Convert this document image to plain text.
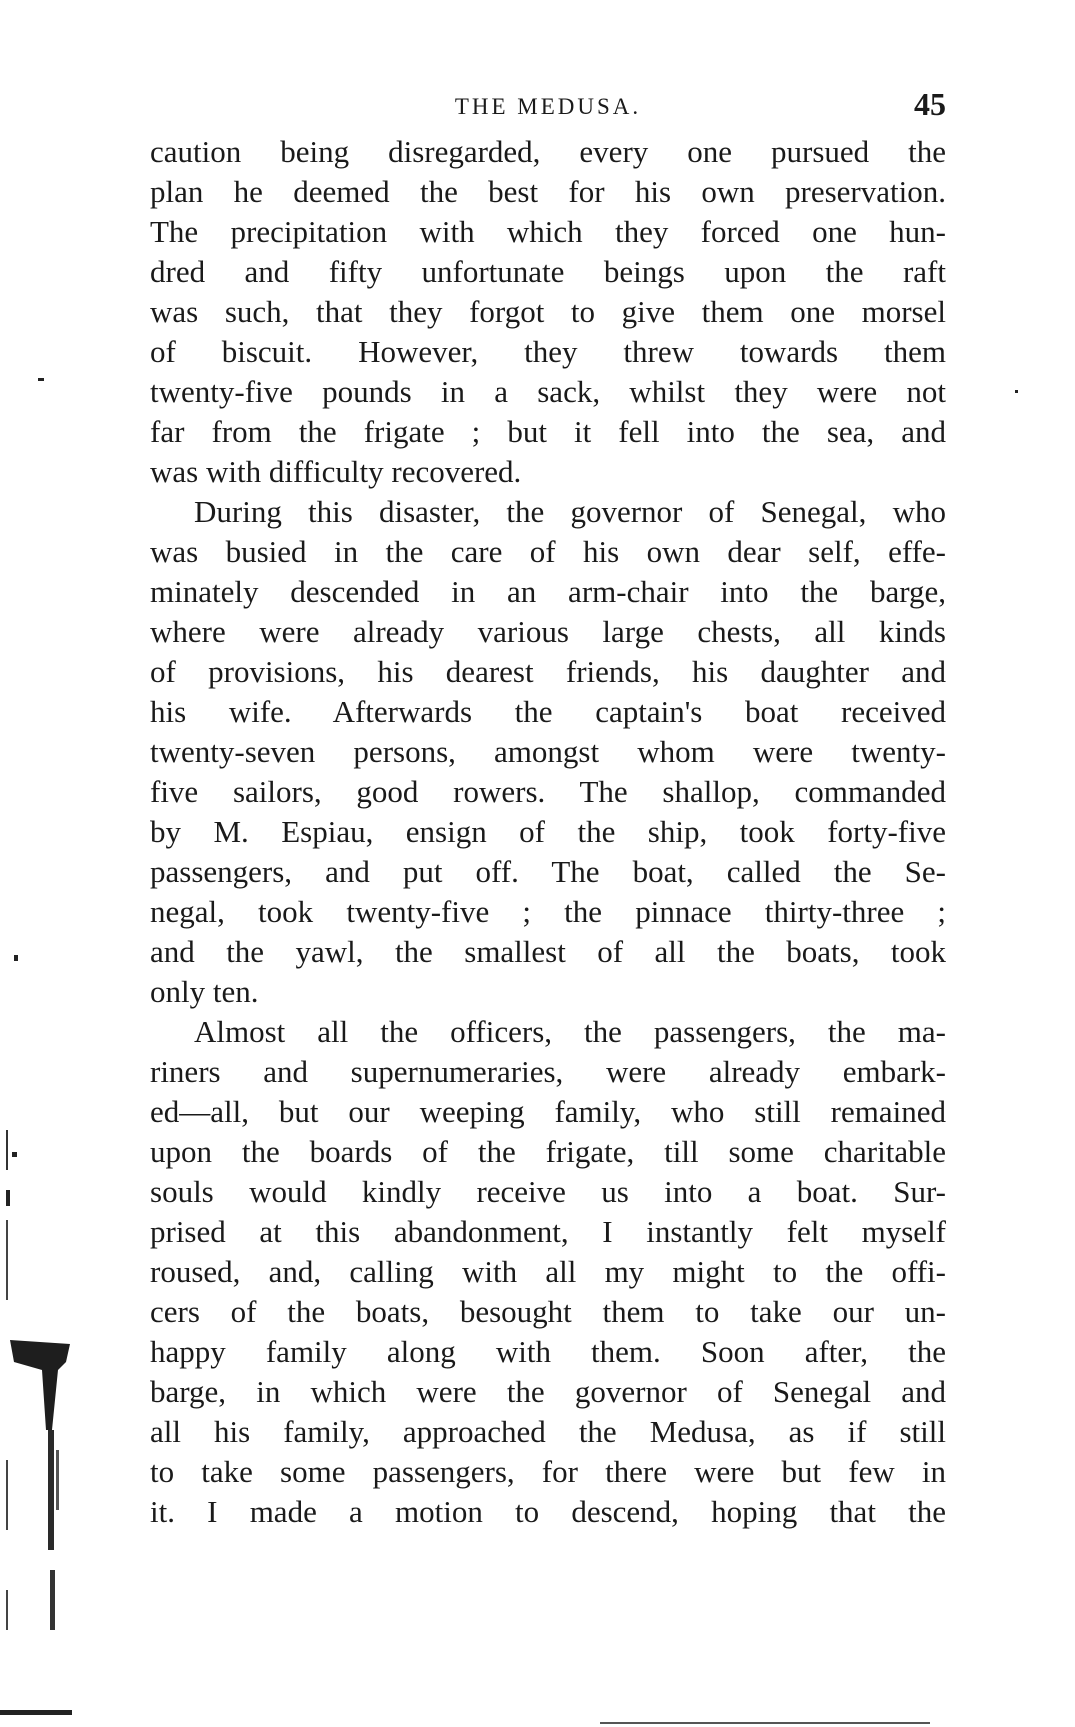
THE MEDUSA.	45
caution being disregarded, every one pursued the
plan he deemed the best for his own preservation.
The precipitation with which they forced one hun-
dred and fifty unfortunate beings upon the raft
was such, that they forgot to give them one morsel
of biscuit. However, they threw towards them
twenty-five pounds in a sack, whilst they were not
far from the frigate ; but it fell into the sea, and
was with difficulty recovered.
During this disaster, the governor of Senegal, who
was busied in the care of his own dear self, effe-
minately descended in an arm-chair into the barge,
where were already various large chests, all kinds
of provisions, his dearest friends, his daughter and
his wife. Afterwards the captain's boat received
twenty-seven persons, amongst whom were twenty-
five sailors, good rowers. The shallop, commanded
by M. Espiau, ensign of the ship, took forty-five
passengers, and put off. The boat, called the Se-
negal, took twenty-five ; the pinnace thirty-three ;
and the yawl, the smallest of all the boats, took
only ten.
Almost all the officers, the passengers, the ma-
riners and supernumeraries, were already embark-
ed—all, but our weeping family, who still remained
upon the boards of the frigate, till some charitable
souls would kindly receive us into a boat. Sur-
prised at this abandonment, I instantly felt myself
roused, and, calling with all my might to the offi-
cers of the boats, besought them to take our un-
happy family along with them. Soon after, the
barge, in which were the governor of Senegal and
all his family, approached the Medusa, as if still
to take some passengers, for there were but few in
it. I made a motion to descend, hoping that the
